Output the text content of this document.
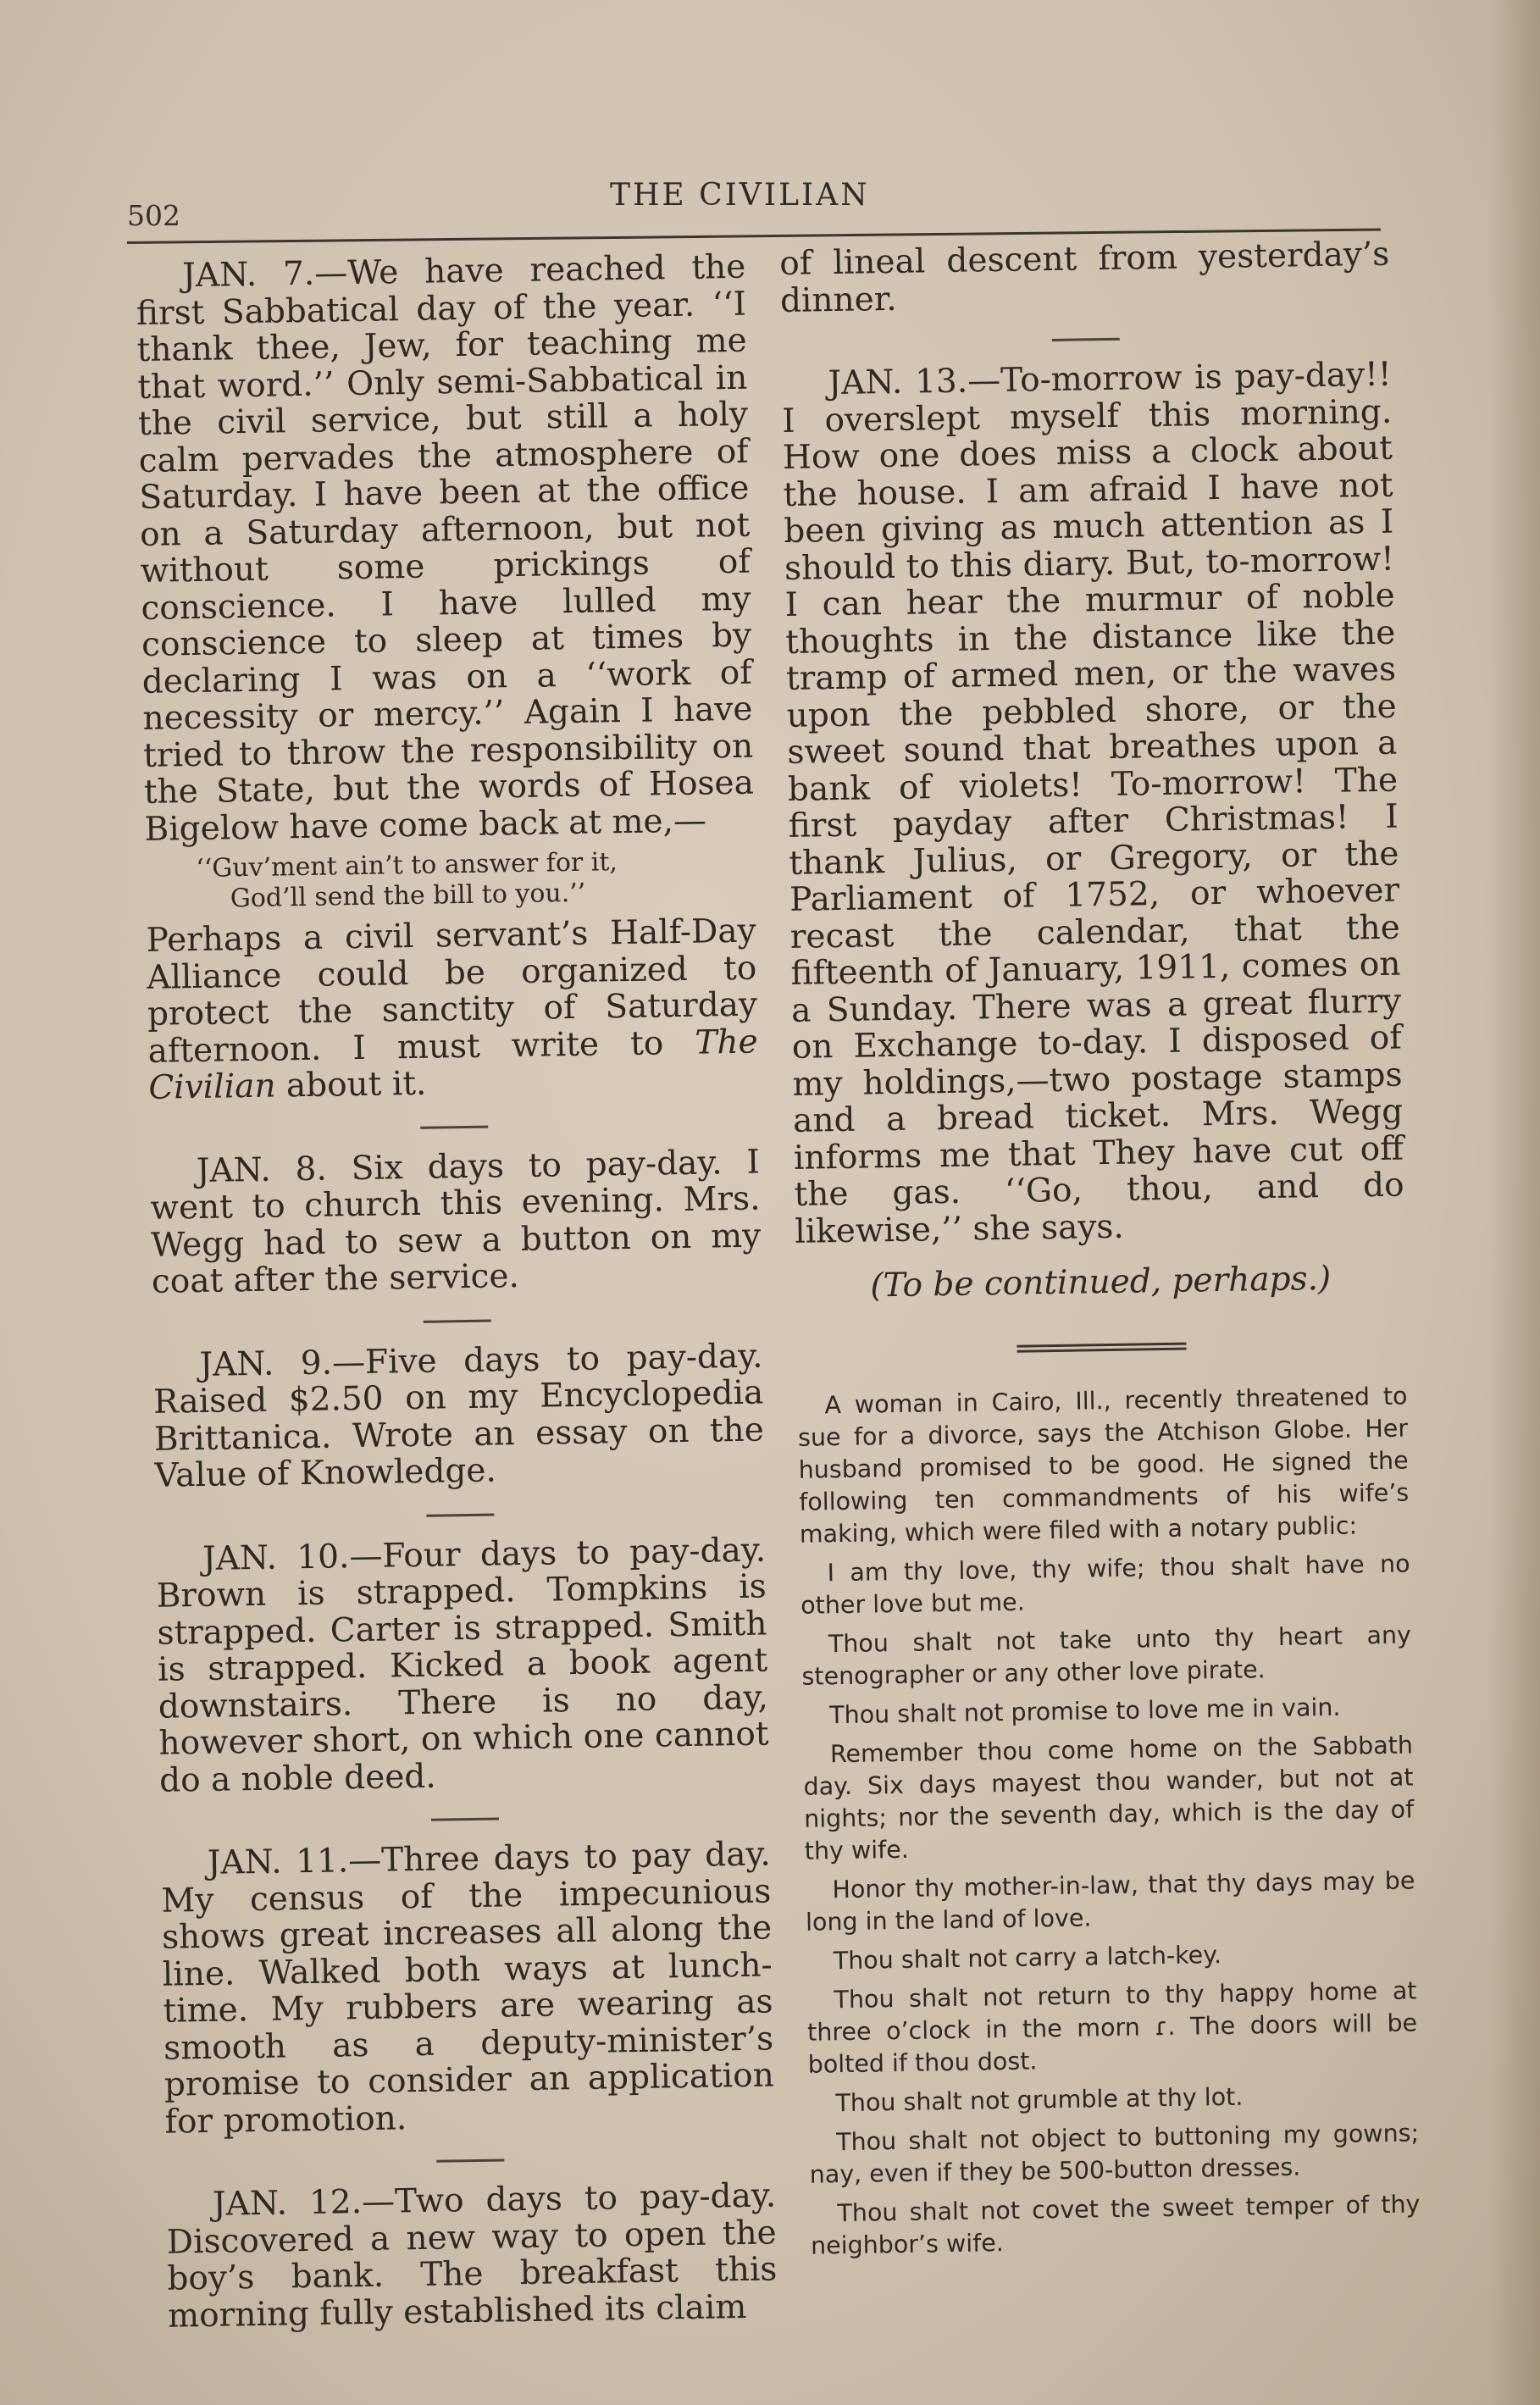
502
THE CIVILIAN

JAN. 7.—We have reached the first Sabbatical day of the year. ‘‘I thank thee, Jew, for teaching me that word.’’ Only semi-Sabbatical in the civil service, but still a holy calm pervades the atmosphere of Saturday. I have been at the office on a Saturday afternoon, but not without some prickings of conscience. I have lulled my conscience to sleep at times by declaring I was on a ‘‘work of necessity or mercy.’’ Again I have tried to throw the responsibility on the State, but the words of Hosea Bigelow have come back at me,—

‘‘Guv’ment ain’t to answer for it,
God’ll send the bill to you.’’

Perhaps a civil servant’s Half-Day Alliance could be organized to protect the sanctity of Saturday afternoon. I must write to The Civilian about it.

JAN. 8. Six days to pay-day. I went to church this evening. Mrs. Wegg had to sew a button on my coat after the service.

JAN. 9.—Five days to pay-day. Raised $2.50 on my Encyclopedia Brittanica. Wrote an essay on the Value of Knowledge.

JAN. 10.—Four days to pay-day. Brown is strapped. Tompkins is strapped. Carter is strapped. Smith is strapped. Kicked a book agent downstairs. There is no day, however short, on which one cannot do a noble deed.

JAN. 11.—Three days to pay day. My census of the impecunious shows great increases all along the line. Walked both ways at lunch-time. My rubbers are wearing as smooth as a deputy-minister’s promise to consider an application for promotion.

JAN. 12.—Two days to pay-day. Discovered a new way to open the boy’s bank. The breakfast this morning fully established its claim

of lineal descent from yesterday’s dinner.

JAN. 13.—To-morrow is pay-day!! I overslept myself this morning. How one does miss a clock about the house. I am afraid I have not been giving as much attention as I should to this diary. But, to-morrow! I can hear the murmur of noble thoughts in the distance like the tramp of armed men, or the waves upon the pebbled shore, or the sweet sound that breathes upon a bank of violets! To-morrow! The first payday after Christmas! I thank Julius, or Gregory, or the Parliament of 1752, or whoever recast the calendar, that the fifteenth of January, 1911, comes on a Sunday. There was a great flurry on Exchange to-day. I disposed of my holdings,—two postage stamps and a bread ticket. Mrs. Wegg informs me that They have cut off the gas. ‘‘Go, thou, and do likewise,’’ she says.

(To be continued, perhaps.)

A woman in Cairo, Ill., recently threatened to sue for a divorce, says the Atchison Globe. Her husband promised to be good. He signed the following ten commandments of his wife’s making, which were filed with a notary public:

I am thy love, thy wife; thou shalt have no other love but me.

Thou shalt not take unto thy heart any stenographer or any other love pirate.

Thou shalt not promise to love me in vain.

Remember thou come home on the Sabbath day. Six days mayest thou wander, but not at nights; nor the seventh day, which is the day of thy wife.

Honor thy mother-in-law, that thy days may be long in the land of love.

Thou shalt not carry a latch-key.

Thou shalt not return to thy happy home at three o’clock in the morn ɾ. The doors will be bolted if thou dost.

Thou shalt not grumble at thy lot.

Thou shalt not object to buttoning my gowns; nay, even if they be 500-button dresses.

Thou shalt not covet the sweet temper of thy neighbor’s wife.
